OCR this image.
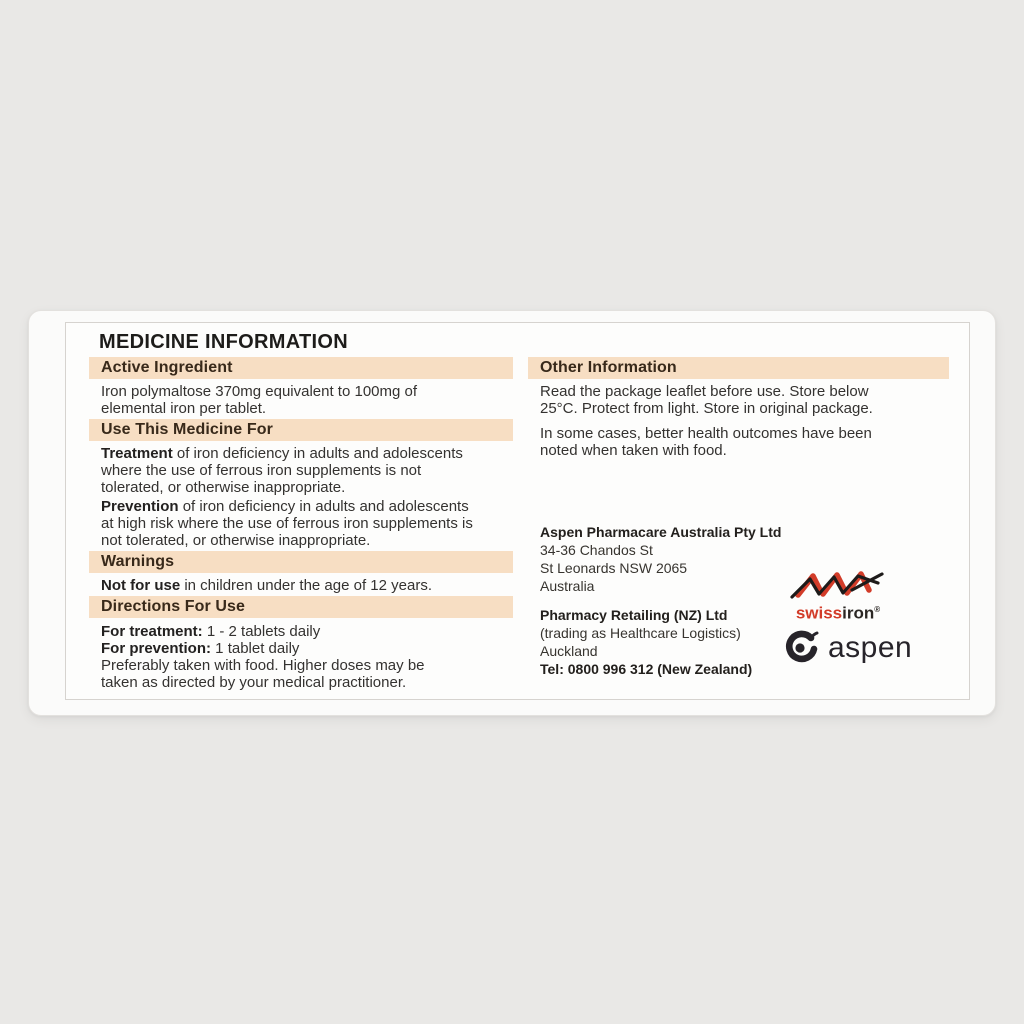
MEDICINE INFORMATION
Active Ingredient

Iron polymaltose 370mg equivalent to 100mg of
elemental iron per tablet.

Use This Medicine For

Treatment of iron deficiency in adults and adolescents
where the use of ferrous iron supplements is not
tolerated, or otherwise inappropriate.

Prevention of iron deficiency in adults and adolescents
at high risk where the use of ferrous iron supplements is
not tolerated, or otherwise inappropriate.

Warnings

Not for use in children under the age of 12 years.

Directions For Use

For treatment: 1 - 2 tablets daily
For prevention: 1 tablet daily
Preferably taken with food. Higher doses may be
taken as directed by your medical practitioner.

Other Information

Read the package leaflet before use. Store below
25°C. Protect from light. Store in original package.

In some cases, better health outcomes have been
noted when taken with food.

Aspen Pharmacare Australia Pty Ltd
34-36 Chandos St
St Leonards NSW 2065
Australia

Pharmacy Retailing (NZ) Ltd
(trading as Healthcare Logistics)
Auckland
Tel: 0800 996 312 (New Zealand)

swissiron®
aspen
